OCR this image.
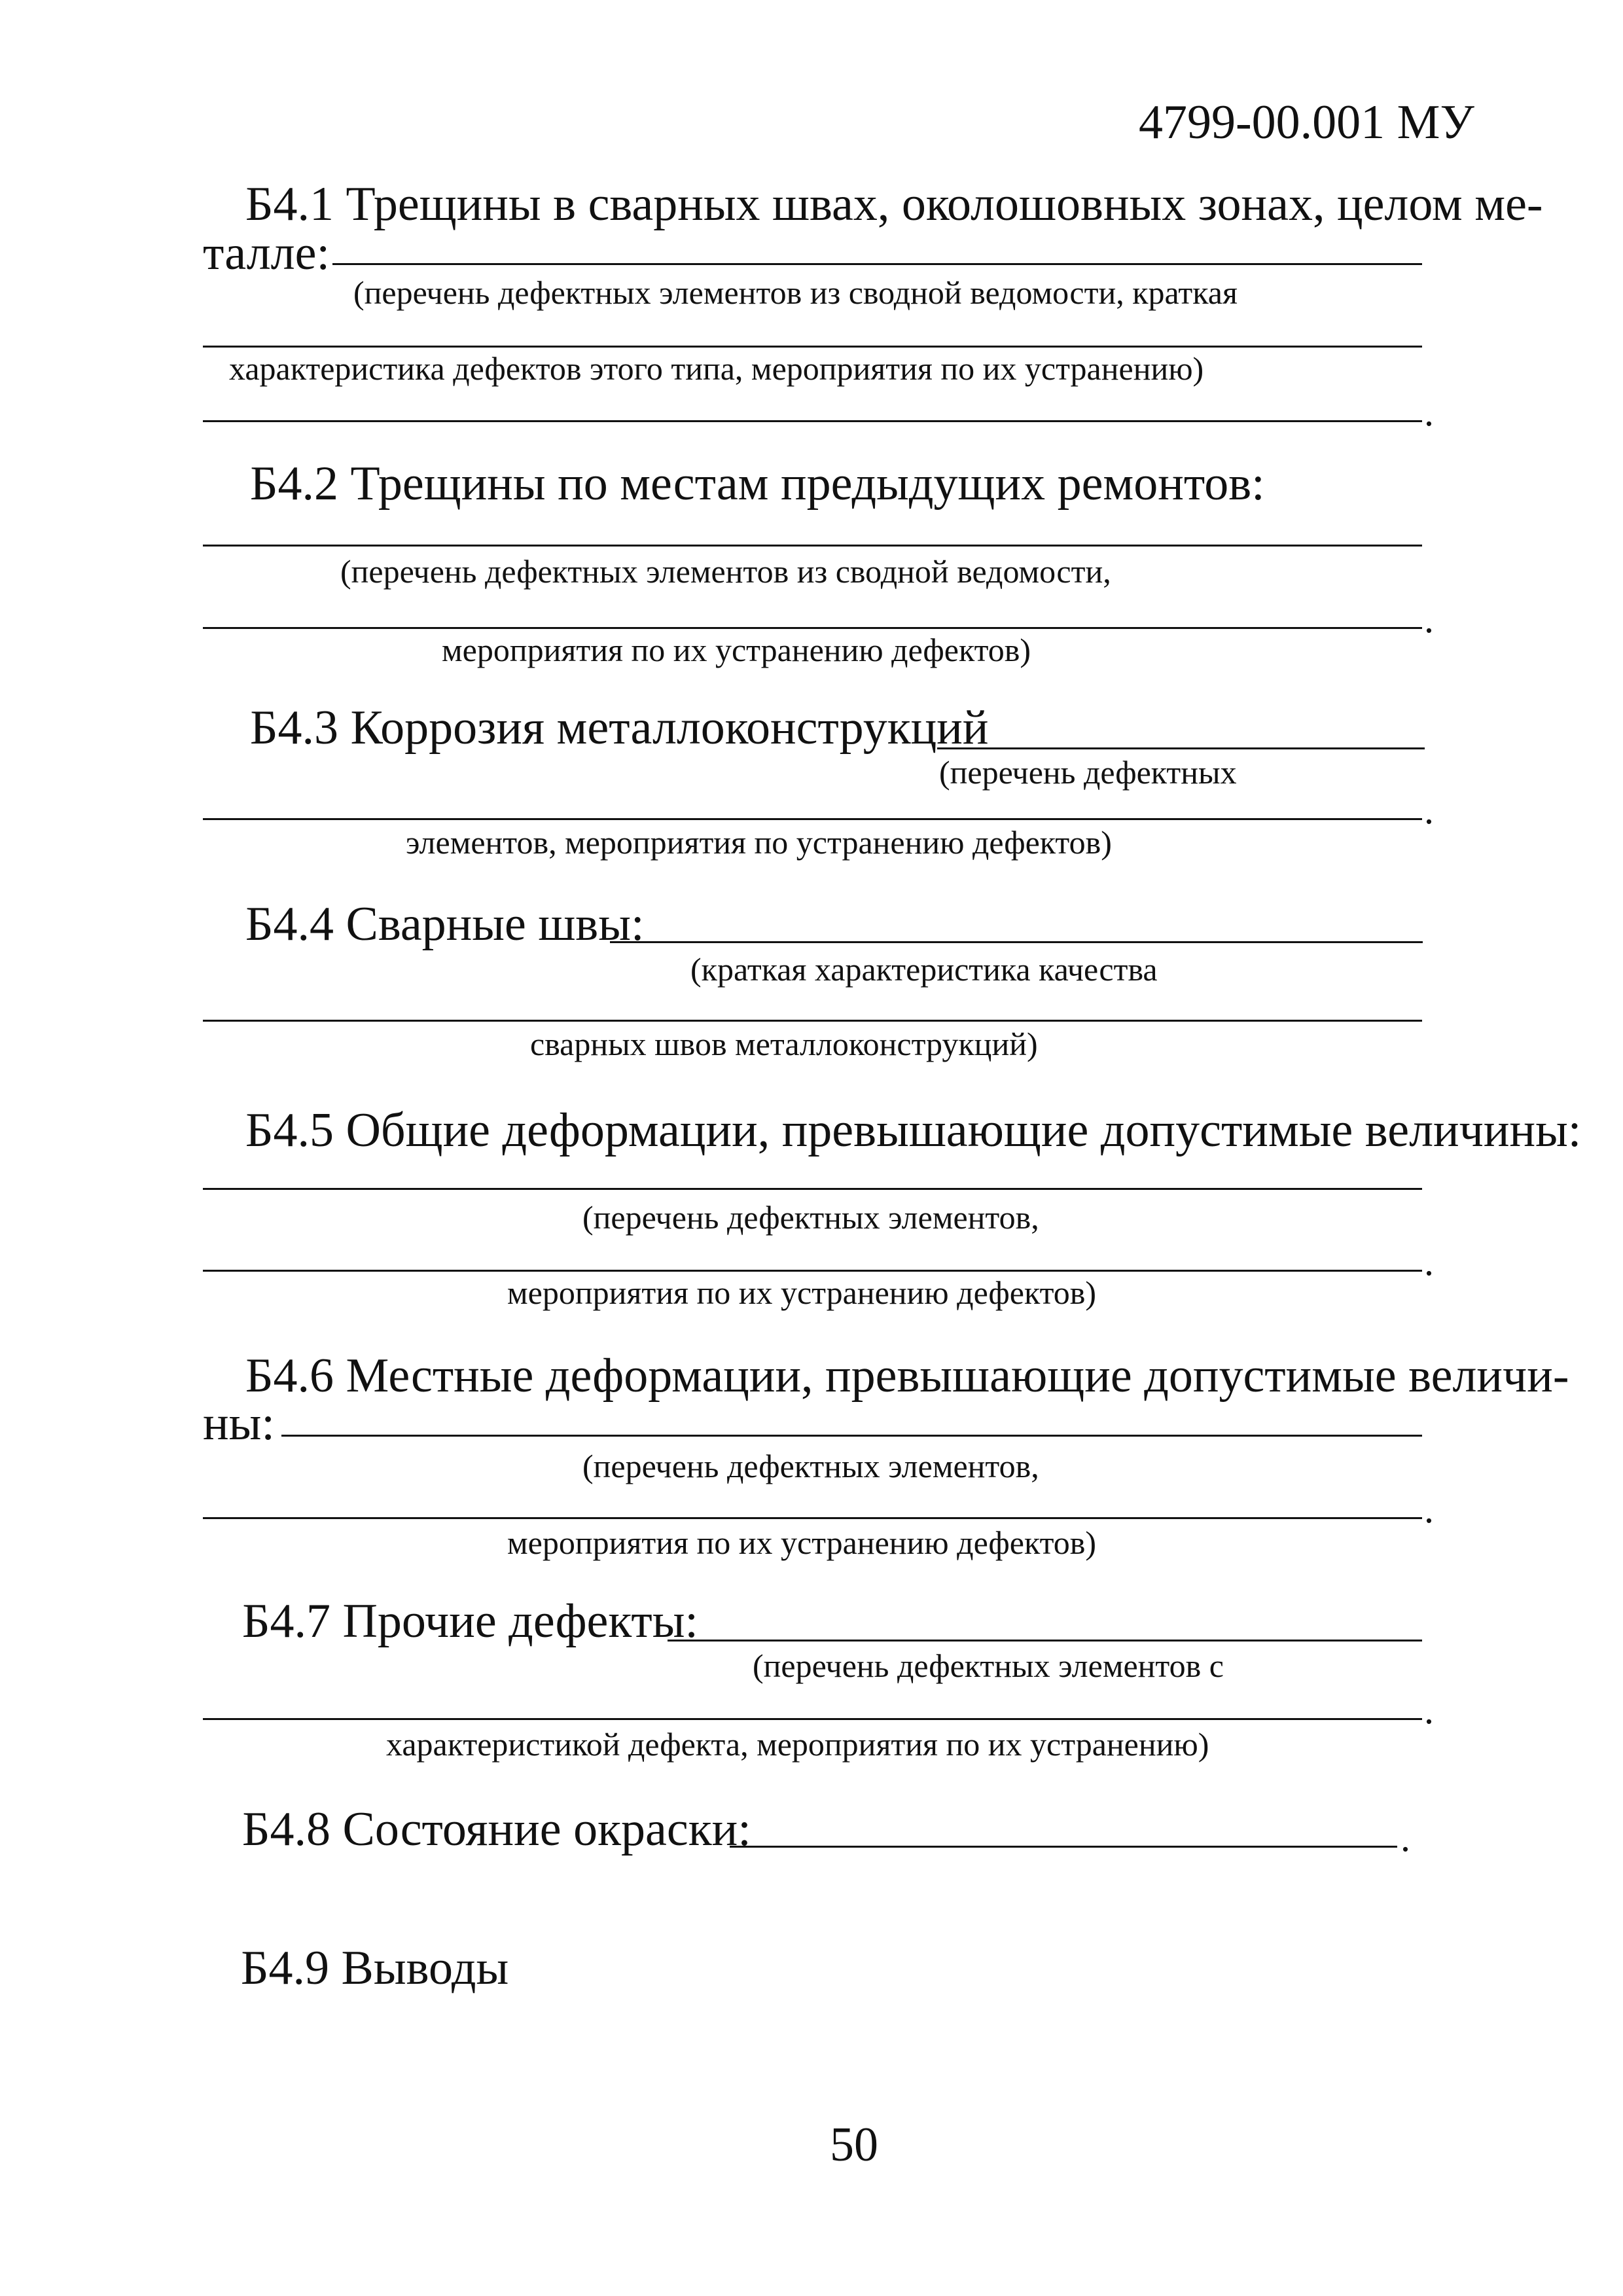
4799-00.001 МУ
Б4.1 Трещины в сварных швах, околошовных зонах, целом ме-
талле:
(перечень дефектных элементов из сводной ведомости, краткая
характеристика дефектов этого типа, мероприятия по их устранению)
.
Б4.2 Трещины по местам предыдущих ремонтов:
(перечень дефектных элементов из сводной ведомости,
.
мероприятия по их устранению дефектов)
Б4.3 Коррозия металлоконструкций
(перечень дефектных
.
элементов, мероприятия по устранению дефектов)
Б4.4 Сварные швы:
(краткая характеристика качества
сварных швов металлоконструкций)
Б4.5 Общие деформации, превышающие допустимые величины:
(перечень дефектных элементов,
.
мероприятия по их устранению дефектов)
Б4.6 Местные деформации, превышающие допустимые величи-
ны:
(перечень дефектных элементов,
.
мероприятия по их устранению дефектов)
Б4.7 Прочие дефекты:
(перечень дефектных элементов с
.
характеристикой дефекта, мероприятия по их устранению)
Б4.8 Состояние окраски:	.
Б4.9 Выводы
50
